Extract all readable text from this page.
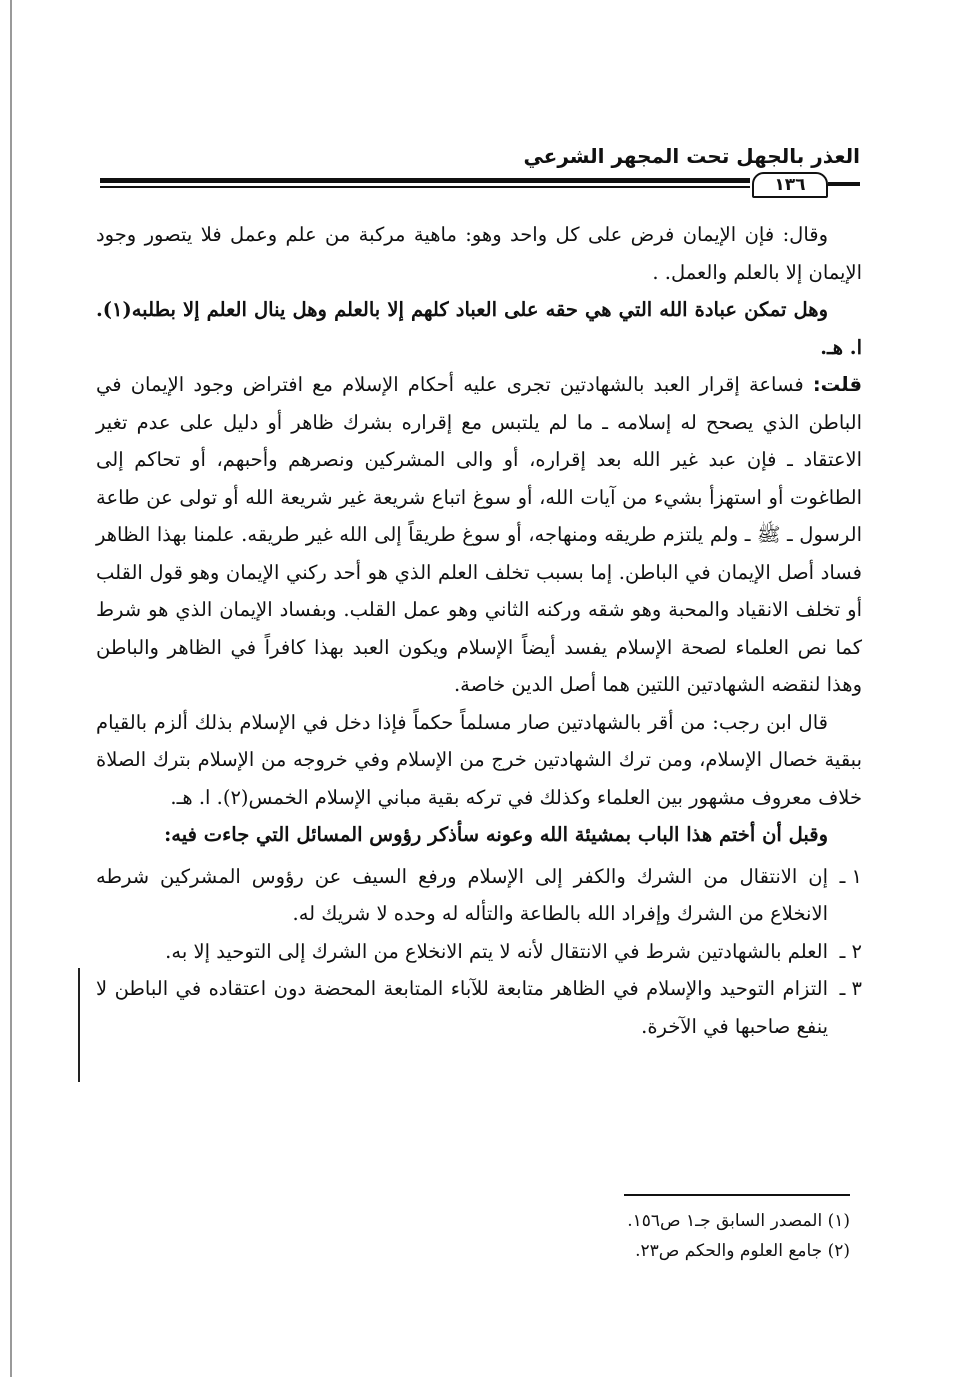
العذر بالجهل تحت المجهر الشرعي
١٣٦

وقال: فإن الإيمان فرض على كل واحد وهو: ماهية مركبة من علم وعمل فلا يتصور وجود الإيمان إلا بالعلم والعمل. .

وهل تمكن عبادة الله التي هي حقه على العباد كلهم إلا بالعلم وهل ينال العلم إلا بطلبه(١). ا. هـ.

قلت: فساعة إقرار العبد بالشهادتين تجرى عليه أحكام الإسلام مع افتراض وجود الإيمان في الباطن الذي يصحح له إسلامه ـ ما لم يلتبس مع إقراره بشرك ظاهر أو دليل على عدم تغير الاعتقاد ـ فإن عبد غير الله بعد إقراره، أو والى المشركين ونصرهم وأحبهم، أو تحاكم إلى الطاغوت أو استهزأ بشيء من آيات الله، أو سوغ اتباع شريعة غير شريعة الله أو تولى عن طاعة الرسول ـ ﷺ ـ ولم يلتزم طريقه ومنهاجه، أو سوغ طريقاً إلى الله غير طريقه. علمنا بهذا الظاهر فساد أصل الإيمان في الباطن. إما بسبب تخلف العلم الذي هو أحد ركني الإيمان وهو قول القلب أو تخلف الانقياد والمحبة وهو شقه وركنه الثاني وهو عمل القلب. وبفساد الإيمان الذي هو شرط كما نص العلماء لصحة الإسلام يفسد أيضاً الإسلام ويكون العبد بهذا كافراً في الظاهر والباطن وهذا لنقضه الشهادتين اللتين هما أصل الدين خاصة.

قال ابن رجب: من أقر بالشهادتين صار مسلماً حكماً فإذا دخل في الإسلام بذلك ألزم بالقيام ببقية خصال الإسلام، ومن ترك الشهادتين خرج من الإسلام وفي خروجه من الإسلام بترك الصلاة خلاف معروف مشهور بين العلماء وكذلك في تركه بقية مباني الإسلام الخمس(٢). ا. هـ.

وقبل أن أختم هذا الباب بمشيئة الله وعونه سأذكر رؤوس المسائل التي جاءت فيه:

١ ـ
إن الانتقال من الشرك والكفر إلى الإسلام ورفع السيف عن رؤوس المشركين شرطه الانخلاع من الشرك وإفراد الله بالطاعة والتأله له وحده لا شريك له.
٢ ـ
العلم بالشهادتين شرط في الانتقال لأنه لا يتم الانخلاع من الشرك إلى التوحيد إلا به.
٣ ـ
التزام التوحيد والإسلام في الظاهر متابعة للآباء المتابعة المحضة دون اعتقاده في الباطن لا ينفع صاحبها في الآخرة.

(١) المصدر السابق جـ١ ص١٥٦.

(٢) جامع العلوم والحكم ص٢٣.
